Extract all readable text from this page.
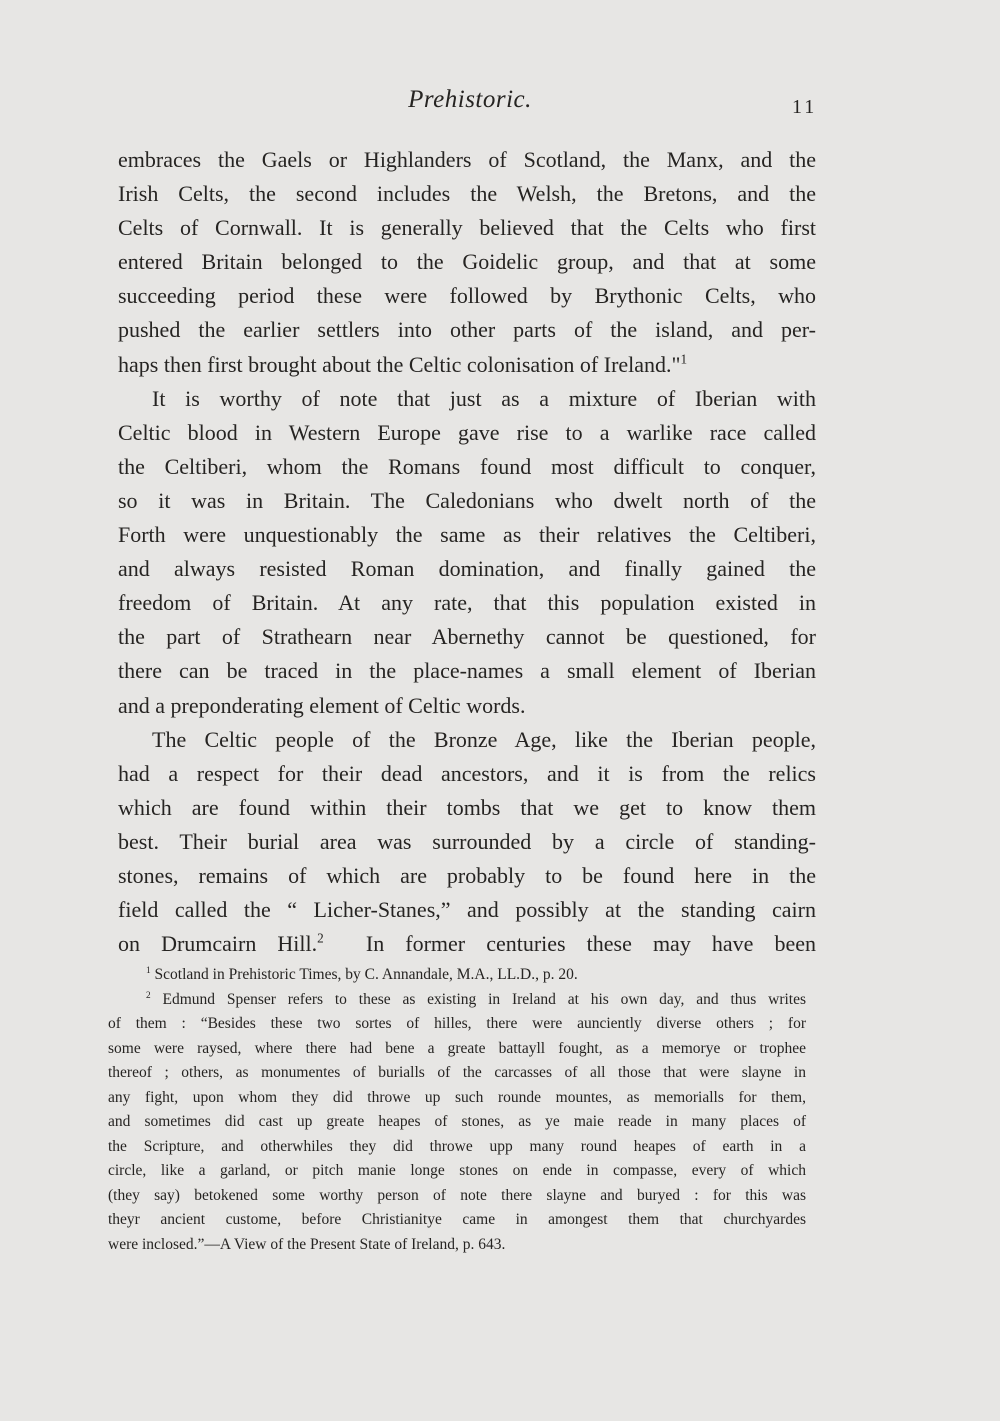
Prehistoric.	11
embraces the Gaels or Highlanders of Scotland, the Manx, and the
Irish Celts, the second includes the Welsh, the Bretons, and the
Celts of Cornwall. It is generally believed that the Celts who first
entered Britain belonged to the Goidelic group, and that at some
succeeding period these were followed by Brythonic Celts, who
pushed the earlier settlers into other parts of the island, and per-
haps then first brought about the Celtic colonisation of Ireland."$^1$
It is worthy of note that just as a mixture of Iberian with
Celtic blood in Western Europe gave rise to a warlike race called
the Celtiberi, whom the Romans found most difficult to conquer,
so it was in Britain. The Caledonians who dwelt north of the
Forth were unquestionably the same as their relatives the Celtiberi,
and always resisted Roman domination, and finally gained the
freedom of Britain. At any rate, that this population existed in
the part of Strathearn near Abernethy cannot be questioned, for
there can be traced in the place-names a small element of Iberian
and a preponderating element of Celtic words.
The Celtic people of the Bronze Age, like the Iberian people,
had a respect for their dead ancestors, and it is from the relics
which are found within their tombs that we get to know them
best. Their burial area was surrounded by a circle of standing-
stones, remains of which are probably to be found here in the
field called the “ Licher-Stanes,” and possibly at the standing cairn
on Drumcairn Hill.$^2$ In former centuries these may have been
$^1$ Scotland in Prehistoric Times, by C. Annandale, M.A., LL.D., p. 20.
$^2$ Edmund Spenser refers to these as existing in Ireland at his own day, and thus writes
of them : “Besides these two sortes of hilles, there were aunciently diverse others ; for
some were raysed, where there had bene a greate battayll fought, as a memorye or trophee
thereof ; others, as monumentes of burialls of the carcasses of all those that were slayne in
any fight, upon whom they did throwe up such rounde mountes, as memorialls for them,
and sometimes did cast up greate heapes of stones, as ye maie reade in many places of
the Scripture, and otherwhiles they did throwe upp many round heapes of earth in a
circle, like a garland, or pitch manie longe stones on ende in compasse, every of which
(they say) betokened some worthy person of note there slayne and buryed : for this was
theyr ancient custome, before Christianitye came in amongest them that churchyardes
were inclosed.”—A View of the Present State of Ireland, p. 643.
